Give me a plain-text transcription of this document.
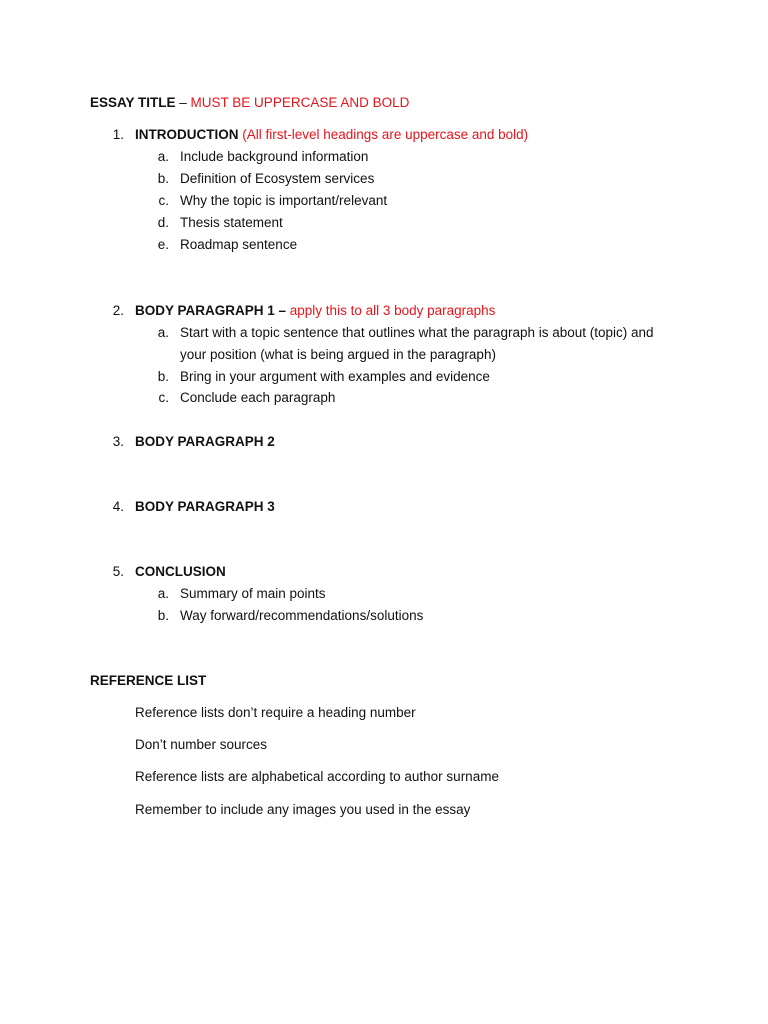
ESSAY TITLE – MUST BE UPPERCASE AND BOLD
1. INTRODUCTION (All first-level headings are uppercase and bold)
a. Include background information
b. Definition of Ecosystem services
c. Why the topic is important/relevant
d. Thesis statement
e. Roadmap sentence
2. BODY PARAGRAPH 1 – apply this to all 3 body paragraphs
a. Start with a topic sentence that outlines what the paragraph is about (topic) and your position (what is being argued in the paragraph)
b. Bring in your argument with examples and evidence
c. Conclude each paragraph
3. BODY PARAGRAPH 2
4. BODY PARAGRAPH 3
5. CONCLUSION
a. Summary of main points
b. Way forward/recommendations/solutions
REFERENCE LIST
Reference lists don’t require a heading number
Don’t number sources
Reference lists are alphabetical according to author surname
Remember to include any images you used in the essay
